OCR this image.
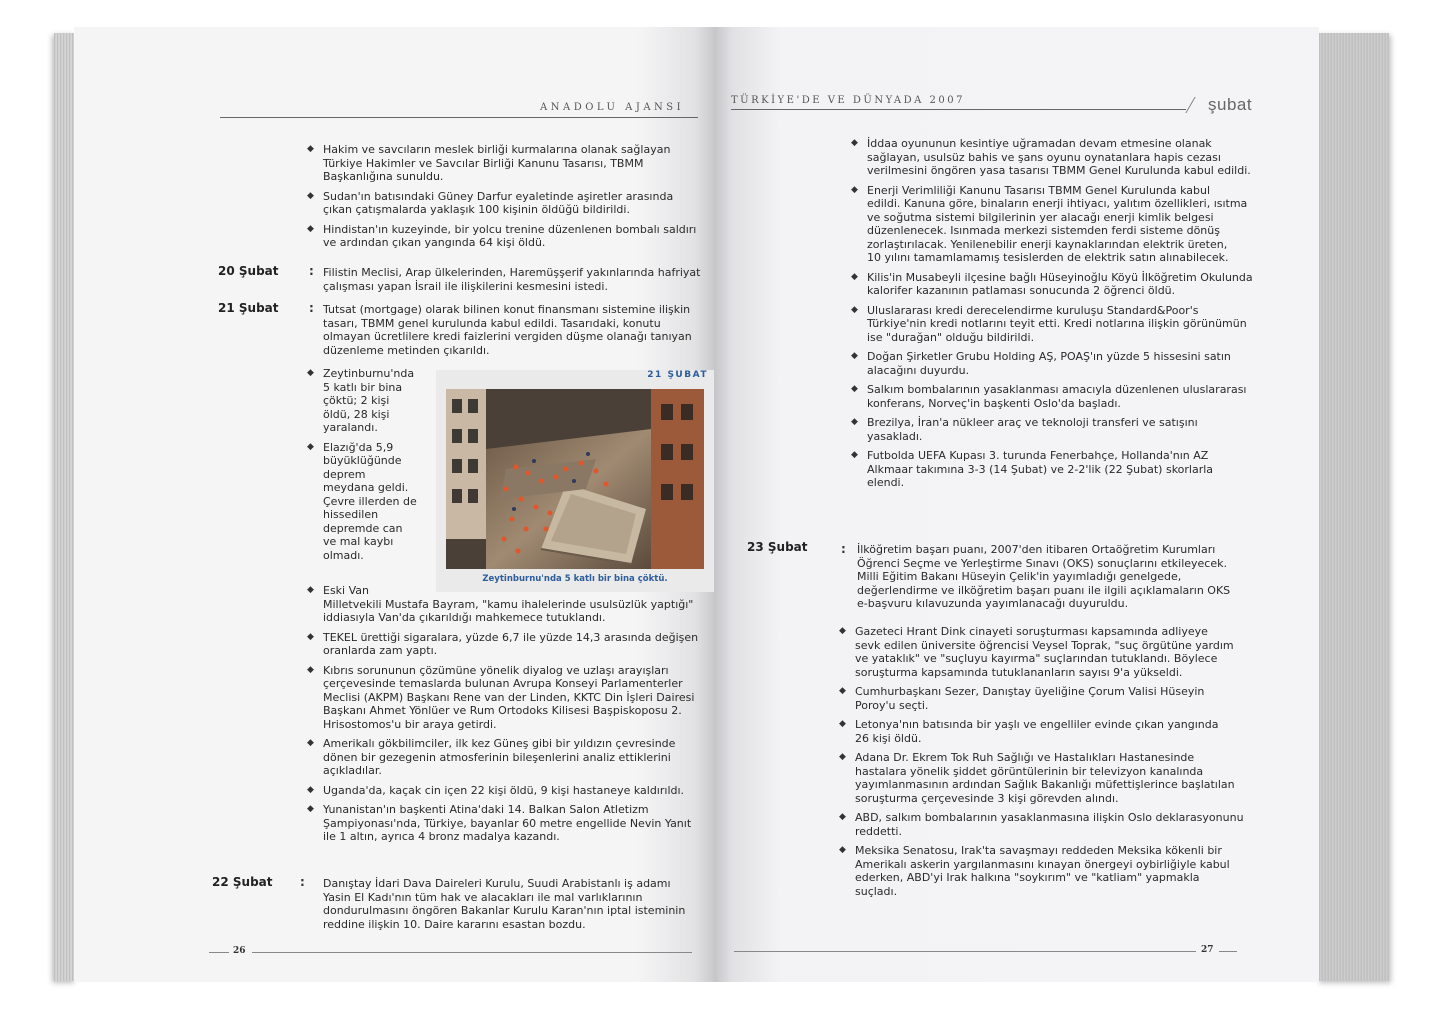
ANADOLU AJANSI
◆ Hakim ve savcıların meslek birliği kurmalarına olanak sağlayan
Türkiye Hakimler ve Savcılar Birliği Kanunu Tasarısı, TBMM
Başkanlığına sunuldu.
◆ Sudan'ın batısındaki Güney Darfur eyaletinde aşiretler arasında
çıkan çatışmalarda yaklaşık 100 kişinin öldüğü bildirildi.
◆ Hindistan'ın kuzeyinde, bir yolcu trenine düzenlenen bombalı saldırı
ve ardından çıkan yangında 64 kişi öldü.
20 Şubat	: Filistin Meclisi, Arap ülkelerinden, Haremüşşerif yakınlarında hafriyat
çalışması yapan İsrail ile ilişkilerini kesmesini istedi.
21 Şubat	: Tutsat (mortgage) olarak bilinen konut finansmanı sistemine ilişkin
tasarı, TBMM genel kurulunda kabul edildi. Tasarıdaki, konutu
olmayan ücretlilere kredi faizlerini vergiden düşme olanağı tanıyan
düzenleme metinden çıkarıldı.
◆ Zeytinburnu'nda
5 katlı bir bina
çöktü; 2 kişi
öldü, 28 kişi
yaralandı.
◆ Elazığ'da 5,9
büyüklüğünde
deprem
meydana geldi.
Çevre illerden de
hissedilen
depremde can
ve mal kaybı
olmadı.
21 ŞUBAT
Zeytinburnu'nda 5 katlı bir bina çöktü.
◆ Eski Van
Milletvekili Mustafa Bayram, "kamu ihalelerinde usulsüzlük yaptığı"
iddiasıyla Van'da çıkarıldığı mahkemece tutuklandı.
◆ TEKEL ürettiği sigaralara, yüzde 6,7 ile yüzde 14,3 arasında değişen
oranlarda zam yaptı.
◆ Kıbrıs sorununun çözümüne yönelik diyalog ve uzlaşı arayışları
çerçevesinde temaslarda bulunan Avrupa Konseyi Parlamenterler
Meclisi (AKPM) Başkanı Rene van der Linden, KKTC Din İşleri Dairesi
Başkanı Ahmet Yönlüer ve Rum Ortodoks Kilisesi Başpiskoposu 2.
Hrisostomos'u bir araya getirdi.
◆ Amerikalı gökbilimciler, ilk kez Güneş gibi bir yıldızın çevresinde
dönen bir gezegenin atmosferinin bileşenlerini analiz ettiklerini
açıkladılar.
◆ Uganda'da, kaçak cin içen 22 kişi öldü, 9 kişi hastaneye kaldırıldı.
◆ Yunanistan'ın başkenti Atina'daki 14. Balkan Salon Atletizm
Şampiyonası'nda, Türkiye, bayanlar 60 metre engellide Nevin Yanıt
ile 1 altın, ayrıca 4 bronz madalya kazandı.
22 Şubat : Danıştay İdari Dava Daireleri Kurulu, Suudi Arabistanlı iş adamı
Yasin El Kadı'nın tüm hak ve alacakları ile mal varlıklarının
dondurulmasını öngören Bakanlar Kurulu Karan'nın iptal isteminin
reddine ilişkin 10. Daire kararını esastan bozdu.
26
TÜRKİYE'DE VE DÜNYADA 2007	şubat
◆ İddaa oyununun kesintiye uğramadan devam etmesine olanak
sağlayan, usulsüz bahis ve şans oyunu oynatanlara hapis cezası
verilmesini öngören yasa tasarısı TBMM Genel Kurulunda kabul edildi.
◆ Enerji Verimliliği Kanunu Tasarısı TBMM Genel Kurulunda kabul
edildi. Kanuna göre, binaların enerji ihtiyacı, yalıtım özellikleri, ısıtma
ve soğutma sistemi bilgilerinin yer alacağı enerji kimlik belgesi
düzenlenecek. Isınmada merkezi sistemden ferdi sisteme dönüş
zorlaştırılacak. Yenilenebilir enerji kaynaklarından elektrik üreten,
10 yılını tamamlamamış tesislerden de elektrik satın alınabilecek.
◆ Kilis'in Musabeyli ilçesine bağlı Hüseyinoğlu Köyü İlköğretim Okulunda
kalorifer kazanının patlaması sonucunda 2 öğrenci öldü.
◆ Uluslararası kredi derecelendirme kuruluşu Standard&Poor's
Türkiye'nin kredi notlarını teyit etti. Kredi notlarına ilişkin görünümün
ise "durağan" olduğu bildirildi.
◆ Doğan Şirketler Grubu Holding AŞ, POAŞ'ın yüzde 5 hissesini satın
alacağını duyurdu.
◆ Salkım bombalarının yasaklanması amacıyla düzenlenen uluslararası
konferans, Norveç'in başkenti Oslo'da başladı.
◆ Brezilya, İran'a nükleer araç ve teknoloji transferi ve satışını
yasakladı.
◆ Futbolda UEFA Kupası 3. turunda Fenerbahçe, Hollanda'nın AZ
Alkmaar takımına 3-3 (14 Şubat) ve 2-2'lik (22 Şubat) skorlarla
elendi.
23 Şubat	: İlköğretim başarı puanı, 2007'den itibaren Ortaöğretim Kurumları
Öğrenci Seçme ve Yerleştirme Sınavı (OKS) sonuçlarını etkileyecek.
Milli Eğitim Bakanı Hüseyin Çelik'in yayımladığı genelgede,
değerlendirme ve ilköğretim başarı puanı ile ilgili açıklamaların OKS
e-başvuru kılavuzunda yayımlanacağı duyuruldu.
◆ Gazeteci Hrant Dink cinayeti soruşturması kapsamında adliyeye
sevk edilen üniversite öğrencisi Veysel Toprak, "suç örgütüne yardım
ve yataklık" ve "suçluyu kayırma" suçlarından tutuklandı. Böylece
soruşturma kapsamında tutuklananların sayısı 9'a yükseldi.
◆ Cumhurbaşkanı Sezer, Danıştay üyeliğine Çorum Valisi Hüseyin
Poroy'u seçti.
◆ Letonya'nın batısında bir yaşlı ve engelliler evinde çıkan yangında
26 kişi öldü.
◆ Adana Dr. Ekrem Tok Ruh Sağlığı ve Hastalıkları Hastanesinde
hastalara yönelik şiddet görüntülerinin bir televizyon kanalında
yayımlanmasının ardından Sağlık Bakanlığı müfettişlerince başlatılan
soruşturma çerçevesinde 3 kişi görevden alındı.
◆ ABD, salkım bombalarının yasaklanmasına ilişkin Oslo deklarasyonunu
reddetti.
◆ Meksika Senatosu, Irak'ta savaşmayı reddeden Meksika kökenli bir
Amerikalı askerin yargılanmasını kınayan önergeyi oybirliğiyle kabul
ederken, ABD'yi Irak halkına "soykırım" ve "katliam" yapmakla
suçladı.
27
